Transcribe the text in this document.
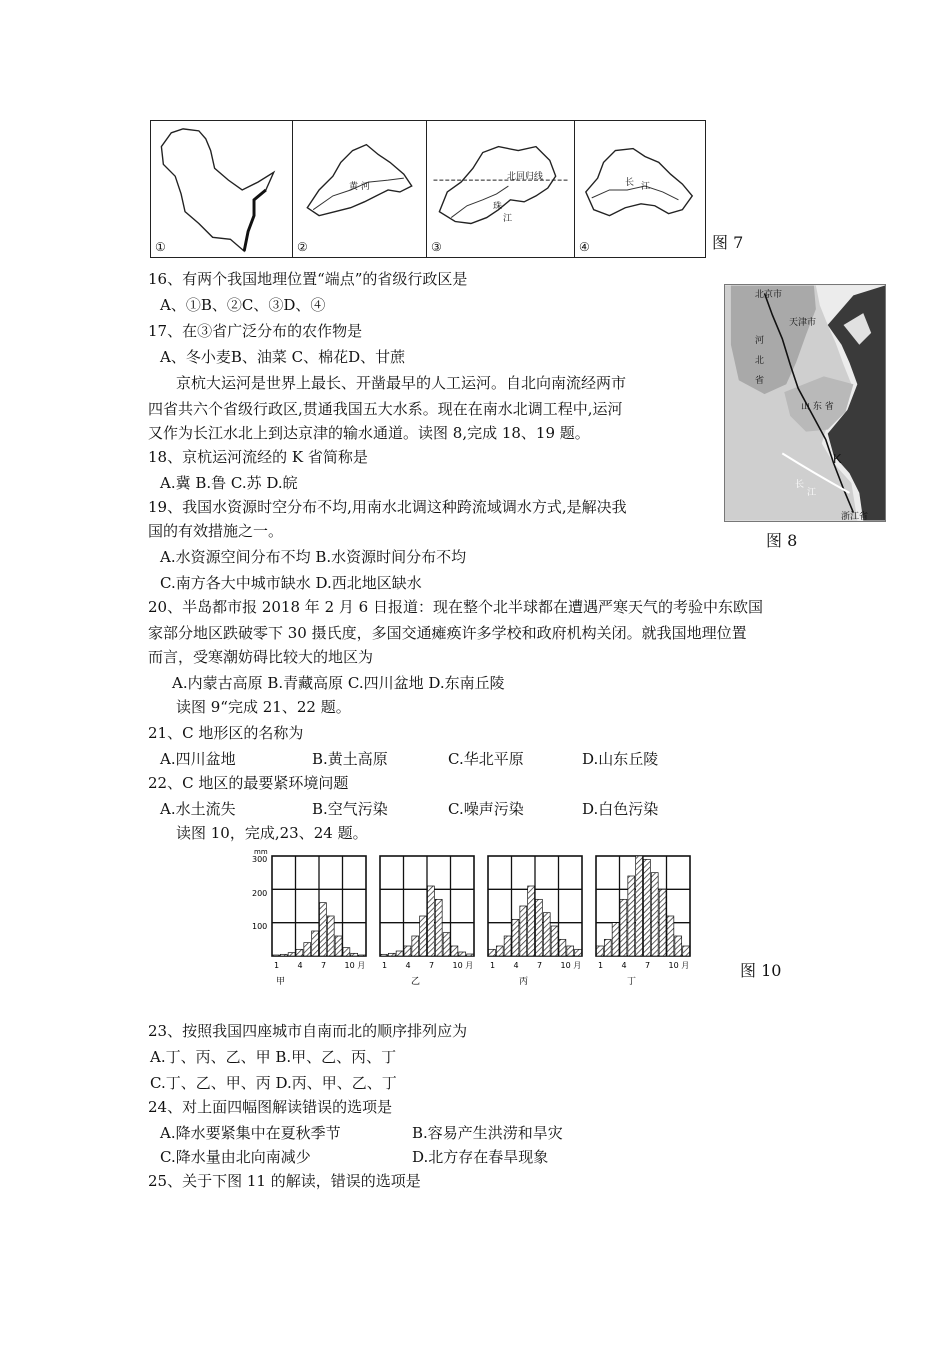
①
黄 河
②
北回归线
珠
江
③
长 江
④	图 7
北京市
天津市
河
北
省
山 东 省
K
长
江
浙江省
图 8
16、有两个我国地理位置“端点”的省级行政区是
A、①B、②C、③D、④
17、在③省广泛分布的农作物是
A、冬小麦B、油菜 C、棉花D、甘蔗
京杭大运河是世界上最长、开凿最早的人工运河。自北向南流经两市
四省共六个省级行政区,贯通我国五大水系。现在在南水北调工程中,运河
又作为长江水北上到达京津的输水通道。读图 8,完成 18、19 题。
18、京杭运河流经的 K 省简称是
A.冀 B.鲁 C.苏 D.皖
19、我国水资源时空分布不均,用南水北调这种跨流域调水方式,是解决我
国的有效措施之一。
A.水资源空间分布不均 B.水资源时间分布不均
C.南方各大中城市缺水 D.西北地区缺水
20、半岛都市报 2018 年 2 月 6 日报道：现在整个北半球都在遭遇严寒天气的考验中东欧国
家部分地区跌破零下 30 摄氏度，多国交通瘫痪许多学校和政府机构关闭。就我国地理位置
而言，受寒潮妨碍比较大的地区为
A.内蒙古高原 B.青藏高原 C.四川盆地 D.东南丘陵
读图 9“完成 21、22 题。
21、C 地形区的名称为
A.四川盆地	B.黄土高原	C.华北平原	D.山东丘陵
22、C 地区的最要紧环境问题
A.水土流失	B.空气污染	C.噪声污染	D.白色污染
读图 10，完成,23、24 题。
mm
300
200
100
1 4 7 10 月
甲
1 4 7 10 月
乙
1 4 7 10 月
丙
1 4 7 10 月
丁
图 10
23、按照我国四座城市自南而北的顺序排列应为
A.丁、丙、乙、甲 B.甲、乙、丙、丁
C.丁、乙、甲、丙 D.丙、甲、乙、丁
24、对上面四幅图解读错误的选项是
A.降水要紧集中在夏秋季节	B.容易产生洪涝和旱灾
C.降水量由北向南减少	D.北方存在春旱现象
25、关于下图 11 的解读，错误的选项是
